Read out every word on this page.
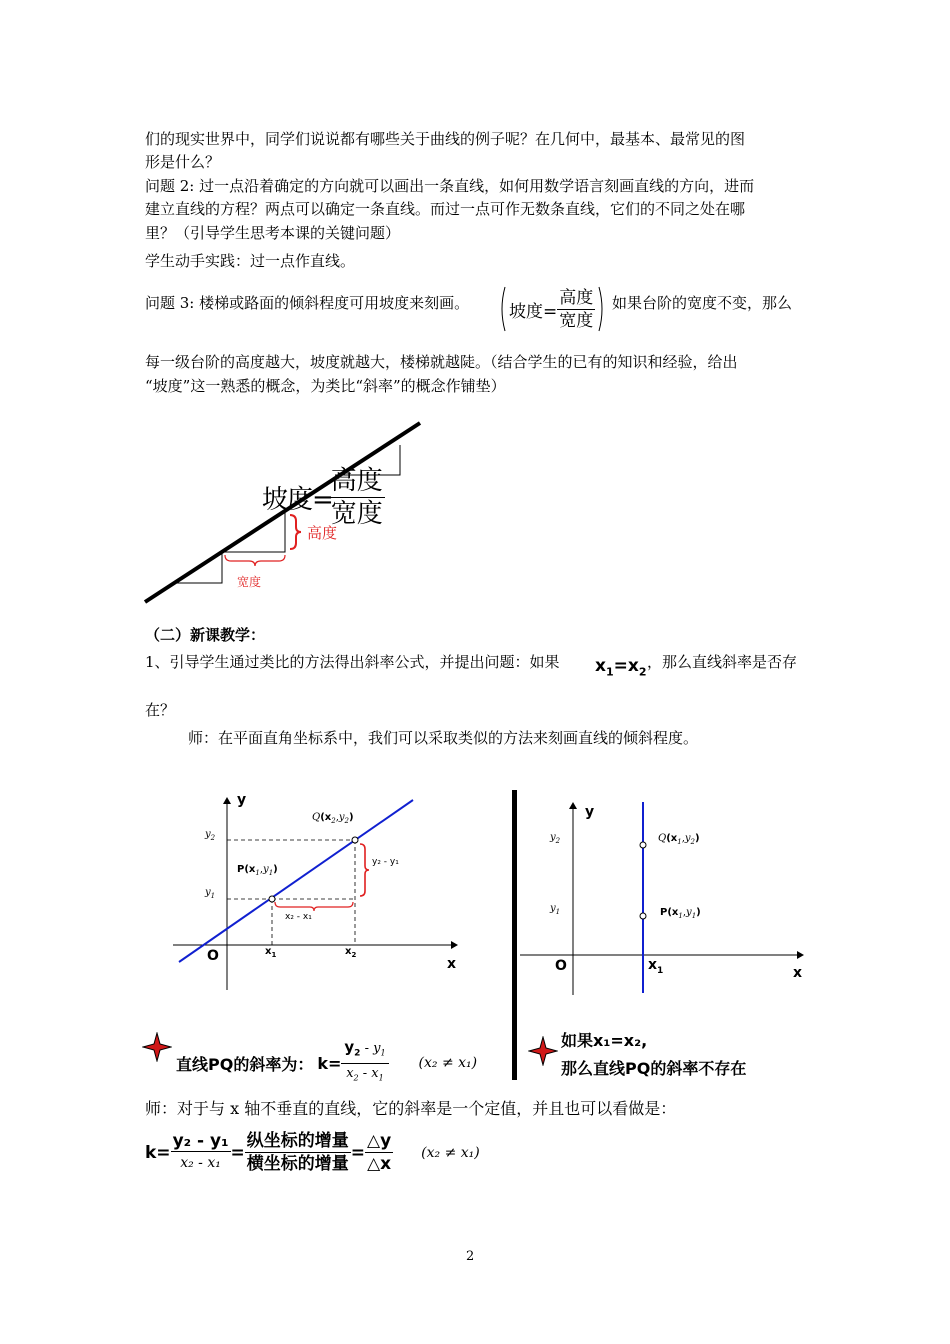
们的现实世界中，同学们说说都有哪些关于曲线的例子呢？在几何中，最基本、最常见的图
形是什么？
问题 2: 过一点沿着确定的方向就可以画出一条直线，如何用数学语言刻画直线的方向，进而
建立直线的方程？两点可以确定一条直线。而过一点可作无数条直线，它们的不同之处在哪
里？（引导学生思考本课的关键问题）
学生动手实践：过一点作直线。
问题 3: 楼梯或路面的倾斜程度可用坡度来刻画。	坡度= $\frac{\text{高度}}{\text{宽度}}$ 如果台阶的宽度不变，那么
每一级台阶的高度越大，坡度就越大，楼梯就越陡。（结合学生的已有的知识和经验，给出
“坡度”这一熟悉的概念，为类比“斜率”的概念作铺垫）
坡度=
$\frac{\text{高度}}{\text{宽度}}$
高度
宽度
（二）新课教学：
1、引导学生通过类比的方法得出斜率公式，并提出问题：如果	$x_1=x_2$
，那么直线斜率是否存
在？
师：在平面直角坐标系中，我们可以采取类似的方法来刻画直线的倾斜程度。
y
x
O
$Q(x_2,y_2)$
$P(x_1,y_1)$
$y_2$
$y_1$
$x_1$	$x_2$
y₂ - y₁
x₂ - x₁
y
x
O
$Q(x_1,y_2)$
$P(x_1,y_1)$
$y_2$
$y_1$
$x_1$
直线PQ的斜率为： $k= \frac{y_2 - y_1}{x_2 - x_1} (x_2 \ne x_1)$
如果x₁=x₂,
那么直线PQ的斜率不存在
师：对于与 x 轴不垂直的直线，它的斜率是一个定值，并且也可以看做是：
$k= \frac{\text{y₂ - y₁}}{\text{x₂ - x₁}} = \frac{\text{纵坐标的增量}}{\text{横坐标的增量}} = \frac{\triangle y}{\triangle x} (x_2 \ne x_1)$
2
